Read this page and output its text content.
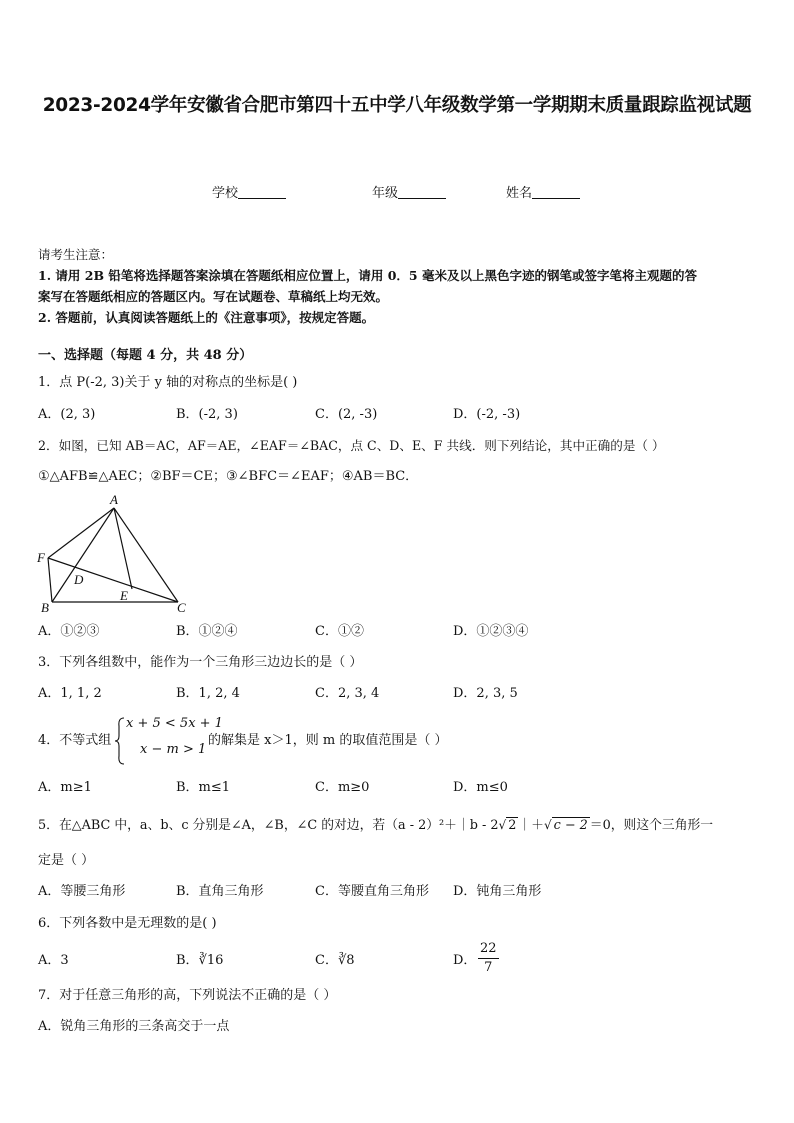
2023-2024学年安徽省合肥市第四十五中学八年级数学第一学期期末质量跟踪监视试题
学校	年级	姓名
请考生注意：
1. 请用 2B 铅笔将选择题答案涂填在答题纸相应位置上，请用 0．5 毫米及以上黑色字迹的钢笔或签字笔将主观题的答
案写在答题纸相应的答题区内。写在试题卷、草稿纸上均无效。
2. 答题前，认真阅读答题纸上的《注意事项》，按规定答题。
一、选择题（每题 4 分，共 48 分）
1．点 P(-2, 3)关于 y 轴的对称点的坐标是( )
A．(2, 3)	B．(-2, 3)	C．(2, -3)	D．(-2, -3)
2．如图，已知 AB＝AC，AF＝AE，∠EAF＝∠BAC，点 C、D、E、F 共线．则下列结论，其中正确的是（ ）
①△AFB≌△AEC；②BF＝CE；③∠BFC＝∠EAF；④AB＝BC．
A
F
D
E
B	C
A．①②③	B．①②④	C．①②	D．①②③④
3．下列各组数中，能作为一个三角形三边边长的是（ ）
A．1, 1, 2	B．1, 2, 4	C．2, 3, 4	D．2, 3, 5
4．不等式组
x + 5 < 5x + 1
x − m > 1
的解集是 x＞1，则 m 的取值范围是（ ）
A．m≥1	B．m≤1	C．m≥0	D．m≤0
5．在△ABC 中，a、b、c 分别是∠A，∠B，∠C 的对边，若（a - 2）²＋｜b - 2√ 2 ｜＋√ c − 2 ＝0，则这个三角形一
定是（ ）
A．等腰三角形	B．直角三角形	C．等腰直角三角形 D．钝角三角形
6．下列各数中是无理数的是( )
A．3	B．∛16	C．∛8	D． $\frac{22}{7}$
7．对于任意三角形的高，下列说法不正确的是（ ）
A．锐角三角形的三条高交于一点
